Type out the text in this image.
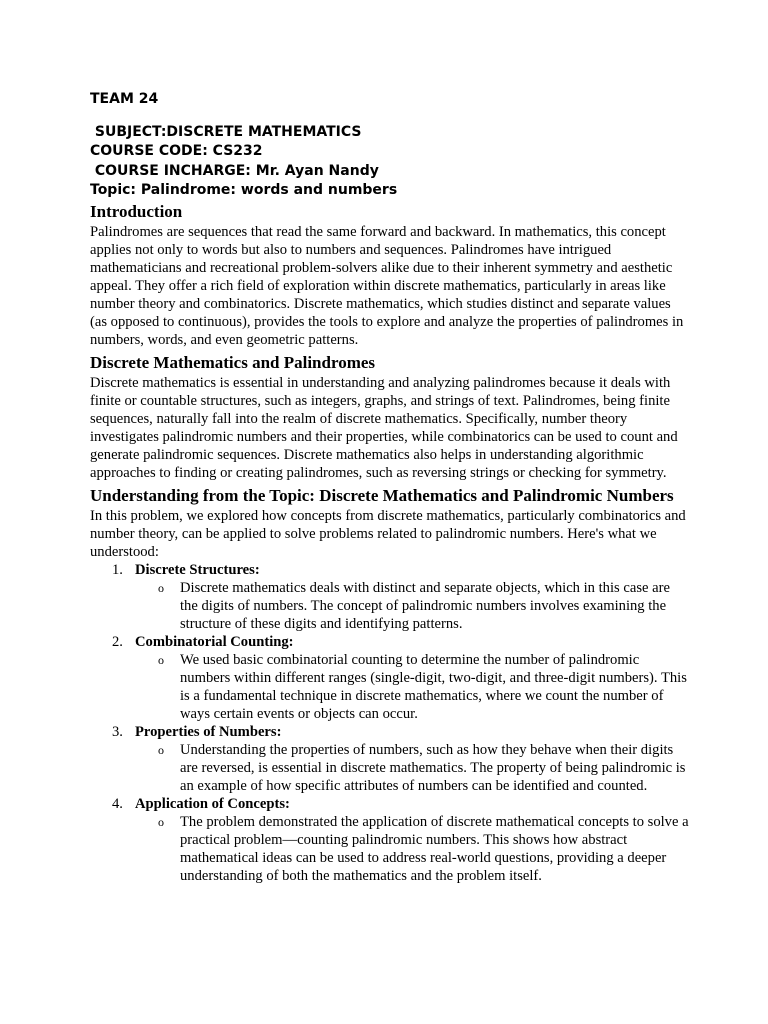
TEAM 24
SUBJECT:DISCRETE MATHEMATICS
COURSE CODE: CS232
COURSE INCHARGE: Mr. Ayan Nandy
Topic: Palindrome: words and numbers
Introduction

Palindromes are sequences that read the same forward and backward. In mathematics, this concept applies not only to words but also to numbers and sequences. Palindromes have intrigued mathematicians and recreational problem-solvers alike due to their inherent symmetry and aesthetic appeal. They offer a rich field of exploration within discrete mathematics, particularly in areas like number theory and combinatorics. Discrete mathematics, which studies distinct and separate values (as opposed to continuous), provides the tools to explore and analyze the properties of palindromes in numbers, words, and even geometric patterns.

Discrete Mathematics and Palindromes

Discrete mathematics is essential in understanding and analyzing palindromes because it deals with finite or countable structures, such as integers, graphs, and strings of text. Palindromes, being finite sequences, naturally fall into the realm of discrete mathematics. Specifically, number theory investigates palindromic numbers and their properties, while combinatorics can be used to count and generate palindromic sequences. Discrete mathematics also helps in understanding algorithmic approaches to finding or creating palindromes, such as reversing strings or checking for symmetry.

Understanding from the Topic: Discrete Mathematics and Palindromic Numbers

In this problem, we explored how concepts from discrete mathematics, particularly combinatorics and number theory, can be applied to solve problems related to palindromic numbers. Here's what we understood:

1. Discrete Structures:
o Discrete mathematics deals with distinct and separate objects, which in this case are the digits of numbers. The concept of palindromic numbers involves examining the structure of these digits and identifying patterns.
2. Combinatorial Counting:
o We used basic combinatorial counting to determine the number of palindromic numbers within different ranges (single-digit, two-digit, and three-digit numbers). This is a fundamental technique in discrete mathematics, where we count the number of ways certain events or objects can occur.
3. Properties of Numbers:
o Understanding the properties of numbers, such as how they behave when their digits are reversed, is essential in discrete mathematics. The property of being palindromic is an example of how specific attributes of numbers can be identified and counted.
4. Application of Concepts:
o The problem demonstrated the application of discrete mathematical concepts to solve a practical problem—counting palindromic numbers. This shows how abstract mathematical ideas can be used to address real-world questions, providing a deeper understanding of both the mathematics and the problem itself.
